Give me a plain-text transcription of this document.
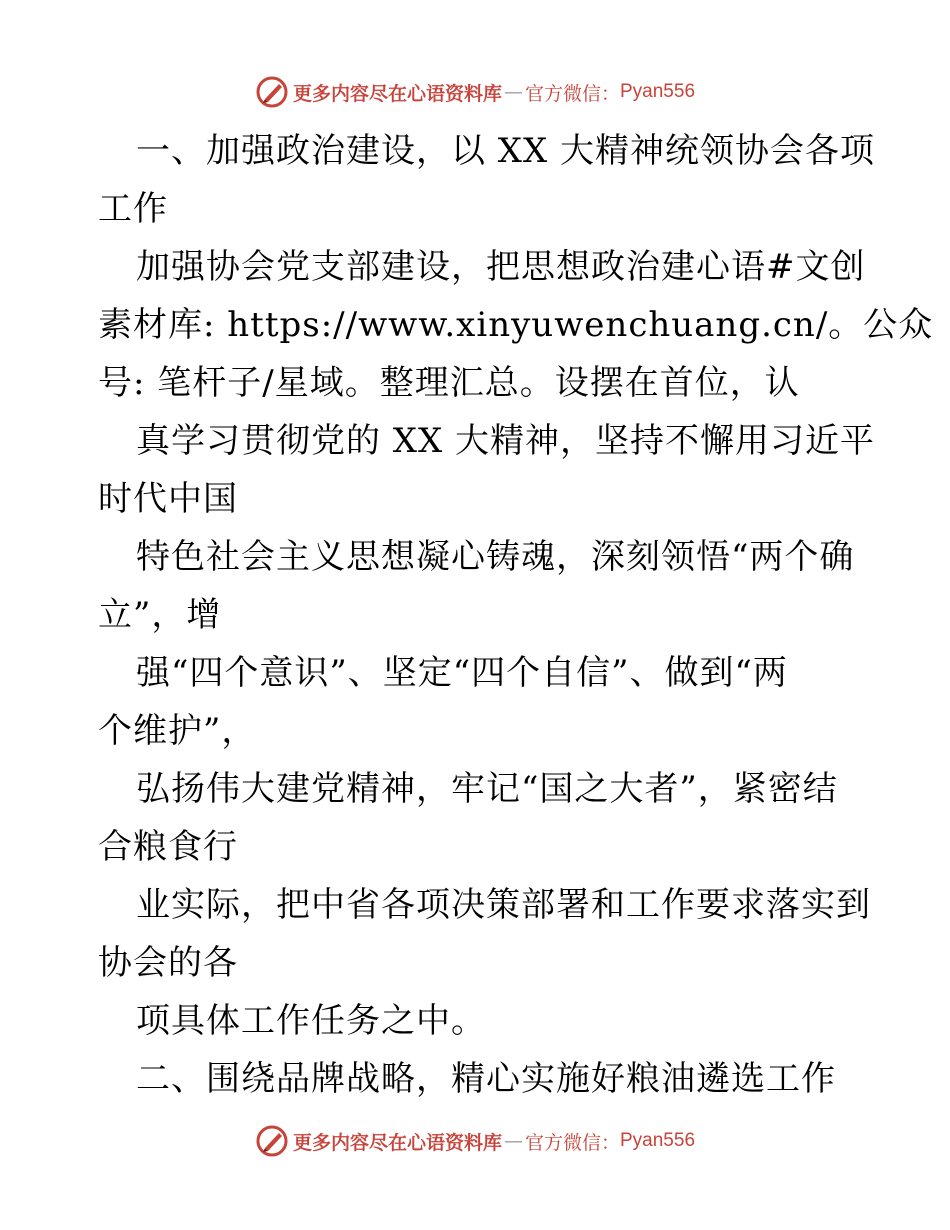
更多内容尽在心语资料库 — 官方微信： Pyan556
一、加强政治建设，以 XX 大精神统领协会各项
工作
加强协会党支部建设，把思想政治建心语#文创
素材库: https://www.xinyuwenchuang.cn/。公众
号: 笔杆子/星域。整理汇总。设摆在首位，认
真学习贯彻党的 XX 大精神，坚持不懈用习近平
时代中国
特色社会主义思想凝心铸魂，深刻领悟“两个确
立”，增
强“四个意识”、坚定“四个自信”、做到“两
个维护”，
弘扬伟大建党精神，牢记“国之大者”，紧密结
合粮食行
业实际，把中省各项决策部署和工作要求落实到
协会的各
项具体工作任务之中。
二、围绕品牌战略，精心实施好粮油遴选工作
更多内容尽在心语资料库 — 官方微信： Pyan556
